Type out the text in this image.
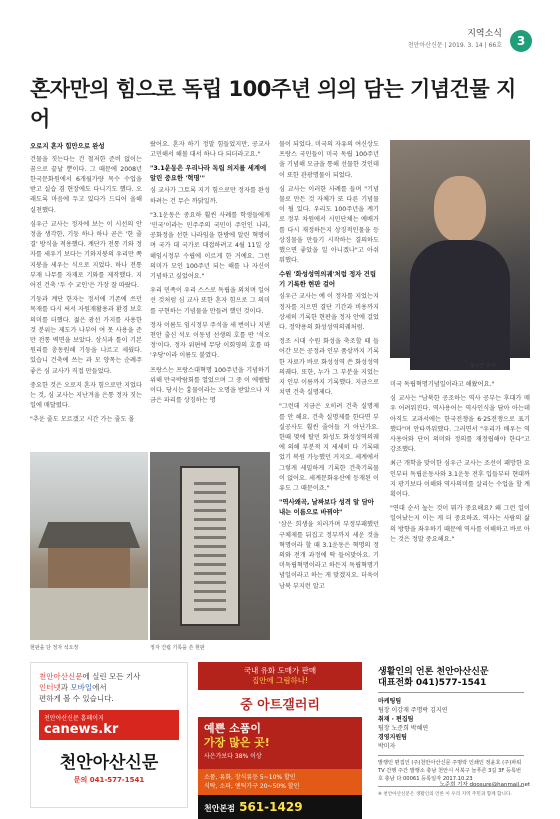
지역소식
천안아산신문 | 2019. 3. 14 | 66호	3
혼자만의 힘으로 독립 100주년 의의 담는 기념건물 지어
오로지 혼자 힘만으로 완성

건물을 짓는다는 건 철저한 준비 없이는 꿈으로 끝날 뿐이다. 그 때문에 2008년 한국문화원에서 6개월가량 목수 수업을 받고 실습 겸 현장에도 다니기도 했다. 오래도록 마음에 두고 있다가 드디어 올해 실천했다.

심우근 교사는 정자에 보는 이 시선의 안정을 생각한, 기둥 하나 하나 곧은 '한 줄 결' 방식을 적용했다. 계단가 전통 기와 정자를 세우기 보다는 기와지붕의 우리만 쪽지붕을 세우는 식으로 지었다. 하나 전통 부재 나무를 자재로 기와를 제작했다. 지어진 건축 '두 수 교인'은 가장 잘 따랐다.

기둥과 계단 한자는 정서에 기존에 쓰던 목재를 다시 써서 자원재활용과 환경 보호 의미를 더했다. 젊은 광선 가지를 사용한 것 분위는 제도가 나부어 여 못 사용을 준만 전통 벽면을 보았다. 상식과 틀이 기본 원리를 충동원해 기둥을 나르고 세웠다. 있습니 건축에 쓰는 과 모 양목는 순례주 좋은 심 교사가 직접 만들었다.

중요한 것은 오로지 혼자 힘으로만 지었다는 것, 심 교사는 지난겨울 은통 정자 짓는 일에 매달렸다.

"추운 줄도 모르겠고 시간 가는 줄도 몰

랐어요. 혼자 하기 정말 힘들었지만, 공교사 고민해서 해볼 대서 하나 다 되더라고요."

"3.1운동은 우리나라 독립 의지를 세계에 알린 중요한 '혁명'"

심 교사가 그토록 지기 힘으로만 정자를 완성하려는 건 무슨 까닭일까.

"3.1운동은 중요하 훨씬 사례를 학생들에게 '민국'이라는 민주주의 국민이 주인인 나라, 공화정을 선한 나라임을 한방에 알린 혁명이며 국가 대 국가로 대접하려고 4월 11일 상해임시정부 수립에 이르게 한 거예요. 그런 의미가 모인 100주년 되는 해를 나 자신이 기념하고 싶었어요."

우리 민족이 우리 스스로 독립을 외치며 일어선 것처럼 심 교사 또한 혼자 힘으로 그 의미를 구현하는 기념물을 만들려 했던 것이다.

정자 이름도 임시정부 주석을 세 번이나 지낸 천안 출신 석오 이동녕 선생의 호를 딴 '석오정'이다. 정자 위편에 무당 이회영의 호를 따 '우당'이라 이름도 붙였다.

프랑스는 프랑스대혁명 100주년을 기념하기 위해 만국박람회를 열었으며 그 중 이 에펠탑이다. 당시는 흉물이라는 오명을 받았으나 지금은 파리를 상징하는 명

물이 되었다. 미국의 자유의 여신상도 프랑스 국민들이 미국 독립 100주년을 기념해 모금을 통해 선물한 것인데 이 또한 관광명물이 되었다.

심 교사는 이러한 사례를 들며 "기념물로 만든 것 자체가 또 다른 기념물이 될 있다. 우리도 100주년을 계기로 정부 차원에서 시민단체는 예배거를 다시 재정하든지 상징적인물을 등 상징물을 만들기 시작하는 결의하도 했으면 좋았을 일 아니겠나"고 아쉬워했다.

수원 '화성성역의궤'처럼 정자 건립기 기록한 현판 걸어

심우근 교사는 예 이 정자를 지었는지 정자를 지으면 결단 기간과 비용까지 상세히 기록한 현판을 정자 안에 걸었다. 정약용의 화성성역의궤처럼.

정조 시대 수원 화성을 축조할 때 들어간 모든 공정과 인부 품삯까지 기록한 자료가 바로 화성성역 쓴 화성성역의궤다. 또한, 누가 그 부분을 지었는지 인부 이름까지 기록했다. 지금으로 치면 건축 실명제다.

"그런데 지금은 오히려 건축 실명제를 안 해요. 건축 실명제를 한다면 부실공사도 훨씬 줄어들 거 아닌가요. 한때 몇에 탈민 화성도 화성성역의궤에 의해 부분적 지 세세히 다 기록돼었기 복원 가능했던 거지요. 세계에서 그렇게 세밀하게 기록한 건축기록물이 없어요. 세계문화유산에 등재된 이유도 그 때문이죠."

"역사왜곡, 날짜보다 성격 알 담아내는 이름으로 바꿔야"

'삼은 희생을 치러가며 부정부패했던 구체제를 뒤집고 정부까지 세운 것을 혁명이라 할 때 3.1운동은 혁명의 정의와 전개 과정에 딱 들어맞아요. 기미독립혁명이라고 하든지 독립혁명기념일이라고 하는 게 맞겠지요. 더욱이 남북 부지런 알고

심우근 교사

미국 독립혁명기념일이라고 해왔어요."

심 교사는 "남북한 공조하는 역사 공부는 후대가 매우 어려워진다. 역사용어는 역사인식을 담아 아는데 아직도 교과서에는 한국전쟁을 6·25전쟁으로 표기했다"며 안타까워했다. 그러면서 "우리가 배우는 역사용어와 단어 의미와 정의를 재정립해야 한다"고 강조했다.

최근 개학을 맞이한 심우근 교사는 조선이 패망한 요인부터 독립운동사와 3.1운동 전후 입들부터 현대까지 광기보다 이해와 역사의미를 살리는 수업을 할 계획이다.

"연대 순서 높는 것이 뭐가 중요해요? 왜 그런 일이 일어났는지 이는 게 더 중요하죠. 역사는 사람의 삶의 방향을 좌우하기 때문에 역사를 이해하고 바로 아는 것은 정말 중요해요."

현판을 단 정자 석오정	정자 건립 기록을 쓴 현판
노준희 기자 doosure@hanmail.net
천안아산신문에 실린 모든 기사
인터넷과 모바일에서
편하게 볼 수 있습니다.
천안아산신문 홈페이지
canews.kr
천안아산신문
문의 041-577-1541
국내 유화 도매가 판매
집안에 그림하나!
중 아트갤러리
예쁜 소품이
가장 많은 곳!
사은가보다 38% 이상
소품, 유화, 장식류등 5~10% 할인
식탁, 소파, 엔틱가구 20~50% 할인
천안본점 561-1429
생활인의 언론 천안아산신문
대표전화 041)577-1541
마케팅팀
팀장 이강재 주명락 김지연
취재 · 편집팀
팀장 노준희 박혜연
경영지원팀
박미자
발행인 편집인 (주)천안아산신문 주명락 인쇄인 정윤호 (주)파워TV 간행 주간 발행소 충남 천안시 서북구 늘푸른 3길 3F 등록번호 충남 다 00061 등록일자 2017.10.23
※ 천안아산신문은 생활인의 언론 이 우리 지역 주민과 함께 합니다.
